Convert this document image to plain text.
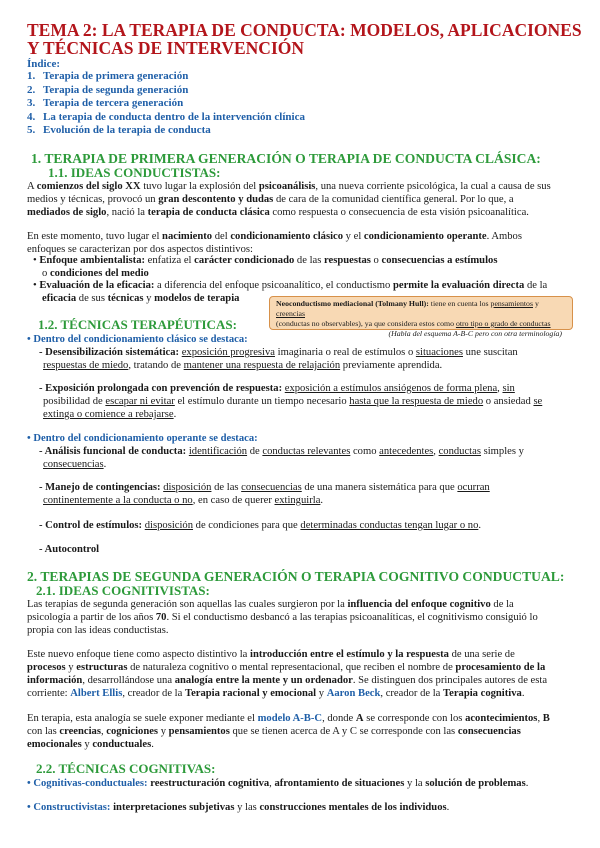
TEMA 2: LA TERAPIA DE CONDUCTA: MODELOS, APLICACIONES Y TÉCNICAS DE INTERVENCIÓN
Índice:
1. Terapia de primera generación
2. Terapia de segunda generación
3. Terapia de tercera generación
4. La terapia de conducta dentro de la intervención clínica
5. Evolución de la terapia de conducta
1. TERAPIA DE PRIMERA GENERACIÓN O TERAPIA DE CONDUCTA CLÁSICA:
1.1. IDEAS CONDUCTISTAS:
A comienzos del siglo XX tuvo lugar la explosión del psicoanálisis, una nueva corriente psicológica, la cual a causa de sus
medios y técnicas, provocó un gran descontento y dudas de cara de la comunidad científica general. Por lo que, a
mediados de siglo, nació la terapia de conducta clásica como respuesta o consecuencia de esta visión psicoanalítica.
En este momento, tuvo lugar el nacimiento del condicionamiento clásico y el condicionamiento operante. Ambos
enfoques se caracterizan por dos aspectos distintivos:
• Enfoque ambientalista: enfatiza el carácter condicionado de las respuestas o consecuencias a estímulos
o condiciones del medio
• Evaluación de la eficacia: a diferencia del enfoque psicoanalítico, el conductismo permite la evaluación directa de la
eficacia de sus técnicas y modelos de terapia	Neoconductismo mediacional (Tolmany Hull): tiene en cuenta los pensamientos y creencias
(conductas no observables), ya que considera estos como otro tipo o grado de conductas
(Habla del esquema A-B-C pero con otra terminología)
1.2. TÉCNICAS TERAPÉUTICAS:
• Dentro del condicionamiento clásico se destaca:
- Desensibilización sistemática: exposición progresiva imaginaria o real de estímulos o situaciones une suscitan
respuestas de miedo, tratando de mantener una respuesta de relajación previamente aprendida.
- Exposición prolongada con prevención de respuesta: exposición a estímulos ansiógenos de forma plena, sin
posibilidad de escapar ni evitar el estímulo durante un tiempo necesario hasta que la respuesta de miedo o ansiedad se
extinga o comience a rebajarse.
• Dentro del condicionamiento operante se destaca:
- Análisis funcional de conducta: identificación de conductas relevantes como antecedentes, conductas simples y
consecuencias.
- Manejo de contingencias: disposición de las consecuencias de una manera sistemática para que ocurran
continentemente a la conducta o no, en caso de querer extinguirla.
- Control de estímulos: disposición de condiciones para que determinadas conductas tengan lugar o no.
- Autocontrol
2. TERAPIAS DE SEGUNDA GENERACIÓN O TERAPIA COGNITIVO CONDUCTUAL:
2.1. IDEAS COGNITIVISTAS:
Las terapias de segunda generación son aquellas las cuales surgieron por la influencia del enfoque cognitivo de la
psicología a partir de los años 70. Si el conductismo desbancó a las terapias psicoanalíticas, el cognitivismo consiguió lo
propia con las ideas conductistas.
Este nuevo enfoque tiene como aspecto distintivo la introducción entre el estímulo y la respuesta de una serie de
procesos y estructuras de naturaleza cognitivo o mental representacional, que reciben el nombre de procesamiento de la
información, desarrollándose una analogía entre la mente y un ordenador. Se distinguen dos principales autores de esta
corriente: Albert Ellis, creador de la Terapia racional y emocional y Aaron Beck, creador de la Terapia cognitiva.
En terapia, esta analogía se suele exponer mediante el modelo A-B-C, donde A se corresponde con los acontecimientos, B
con las creencias, cogniciones y pensamientos que se tienen acerca de A y C se corresponde con las consecuencias
emocionales y conductuales.
2.2. TÉCNICAS COGNITIVAS:
• Cognitivas-conductuales: reestructuración cognitiva, afrontamiento de situaciones y la solución de problemas.
• Constructivistas: interpretaciones subjetivas y las construcciones mentales de los individuos.
